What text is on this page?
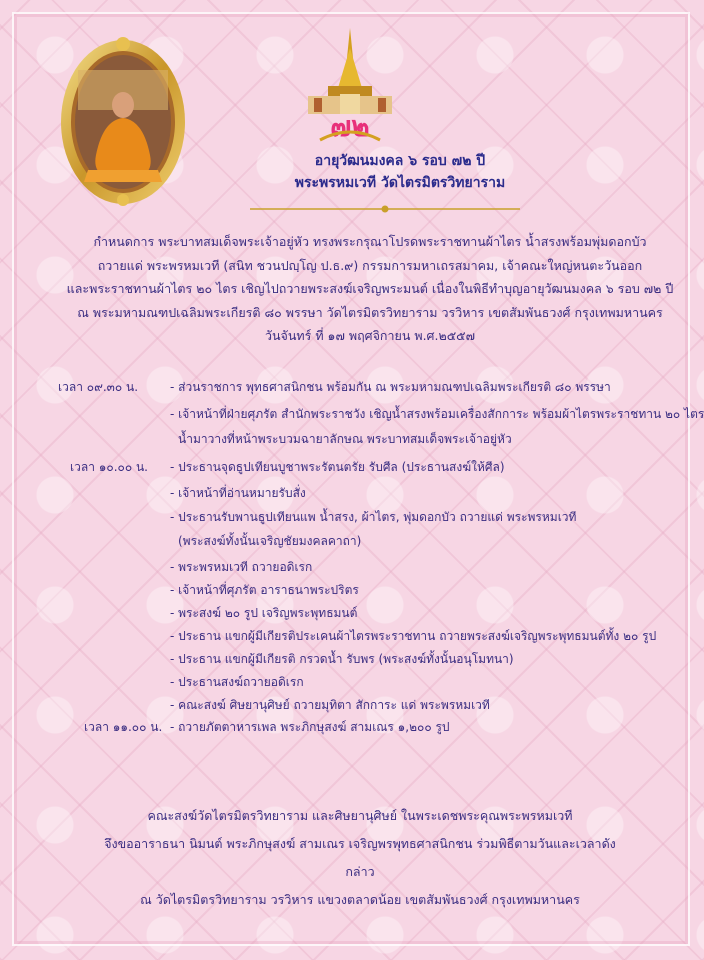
๗๒
อายุวัฒนมงคล ๖ รอบ ๗๒ ปี
พระพรหมเวที วัดไตรมิตรวิทยาราม
กำหนดการ พระบาทสมเด็จพระเจ้าอยู่หัว ทรงพระกรุณาโปรดพระราชทานผ้าไตร น้ำสรงพร้อมพุ่มดอกบัว
ถวายแด่ พระพรหมเวที (สนิท ชวนปญฺโญ ป.ธ.๙) กรรมการมหาเถรสมาคม, เจ้าคณะใหญ่หนตะวันออก
และพระราชทานผ้าไตร ๒๐ ไตร เชิญไปถวายพระสงฆ์เจริญพระมนต์ เนื่องในพิธีทำบุญอายุวัฒนมงคล ๖ รอบ ๗๒ ปี
ณ พระมหามณฑปเฉลิมพระเกียรติ ๘๐ พรรษา วัดไตรมิตรวิทยาราม วรวิหาร เขตสัมพันธวงศ์ กรุงเทพมหานคร
วันจันทร์ ที่ ๑๗ พฤศจิกายน พ.ศ.๒๕๕๗
เวลา ๐๙.๓๐ น.	- ส่วนราชการ พุทธศาสนิกชน พร้อมกัน ณ พระมหามณฑปเฉลิมพระเกียรติ ๘๐ พรรษา
- เจ้าหน้าที่ฝ่ายศุภรัต สำนักพระราชวัง เชิญน้ำสรงพร้อมเครื่องสักการะ พร้อมผ้าไตรพระราชทาน ๒๐ ไตร
น้ำมาวางที่หน้าพระบวมฉายาลักษณ พระบาทสมเด็จพระเจ้าอยู่หัว
เวลา ๑๐.๐๐ น. - ประธานจุดธูปเทียนบูชาพระรัตนตรัย รับศีล (ประธานสงฆ์ให้ศีล)
- เจ้าหน้าที่อ่านหมายรับสั่ง
- ประธานรับพานธูปเทียนแพ น้ำสรง, ผ้าไตร, พุ่มดอกบัว ถวายแด่ พระพรหมเวที
(พระสงฆ์ทั้งนั้นเจริญชัยมงคลคาถา)
- พระพรหมเวที ถวายอดิเรก
- เจ้าหน้าที่ศุภรัต อาราธนาพระปริตร
- พระสงฆ์ ๒๐ รูป เจริญพระพุทธมนต์
- ประธาน แขกผู้มีเกียรติประเคนผ้าไตรพระราชทาน ถวายพระสงฆ์เจริญพระพุทธมนต์ทั้ง ๒๐ รูป
- ประธาน แขกผู้มีเกียรติ กรวดน้ำ รับพร (พระสงฆ์ทั้งนั้นอนุโมทนา)
- ประธานสงฆ์ถวายอดิเรก
- คณะสงฆ์ ศิษยานุศิษย์ ถวายมุทิตา สักการะ แด่ พระพรหมเวที
เวลา ๑๑.๐๐ น. - ถวายภัตตาหารเพล พระภิกษุสงฆ์ สามเณร ๑,๒๐๐ รูป
คณะสงฆ์วัดไตรมิตรวิทยาราม และศิษยานุศิษย์ ในพระเดชพระคุณพระพรหมเวที
จึงขออาราธนา นิมนต์ พระภิกษุสงฆ์ สามเณร เจริญพรพุทธศาสนิกชน ร่วมพิธีตามวันและเวลาดังกล่าว
ณ วัดไตรมิตรวิทยาราม วรวิหาร แขวงตลาดน้อย เขตสัมพันธวงศ์ กรุงเทพมหานคร
